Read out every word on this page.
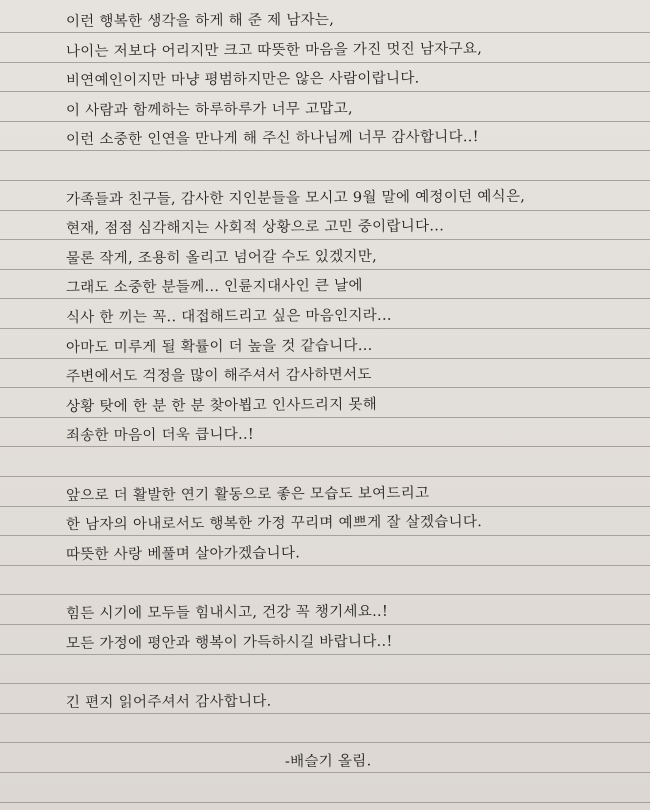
이런 행복한 생각을 하게 해 준 제 남자는,
나이는 저보다 어리지만 크고 따뜻한 마음을 가진 멋진 남자구요,
비연예인이지만 마냥 평범하지만은 않은 사람이랍니다.
이 사람과 함께하는 하루하루가 너무 고맙고,
이런 소중한 인연을 만나게 해 주신 하나님께 너무 감사합니다..!
가족들과 친구들, 감사한 지인분들을 모시고 9월 말에 예정이던 예식은,
현재, 점점 심각해지는 사회적 상황으로 고민 중이랍니다...
물론 작게, 조용히 올리고 넘어갈 수도 있겠지만,
그래도 소중한 분들께... 인륜지대사인 큰 날에
식사 한 끼는 꼭.. 대접해드리고 싶은 마음인지라...
아마도 미루게 될 확률이 더 높을 것 같습니다...
주변에서도 걱정을 많이 해주셔서 감사하면서도
상황 탓에 한 분 한 분 찾아뵙고 인사드리지 못해
죄송한 마음이 더욱 큽니다..!
앞으로 더 활발한 연기 활동으로 좋은 모습도 보여드리고
한 남자의 아내로서도 행복한 가정 꾸리며 예쁘게 잘 살겠습니다.
따뜻한 사랑 베풀며 살아가겠습니다.
힘든 시기에 모두들 힘내시고, 건강 꼭 챙기세요..!
모든 가정에 평안과 행복이 가득하시길 바랍니다..!
긴 편지 읽어주셔서 감사합니다.
-배슬기 올림.
